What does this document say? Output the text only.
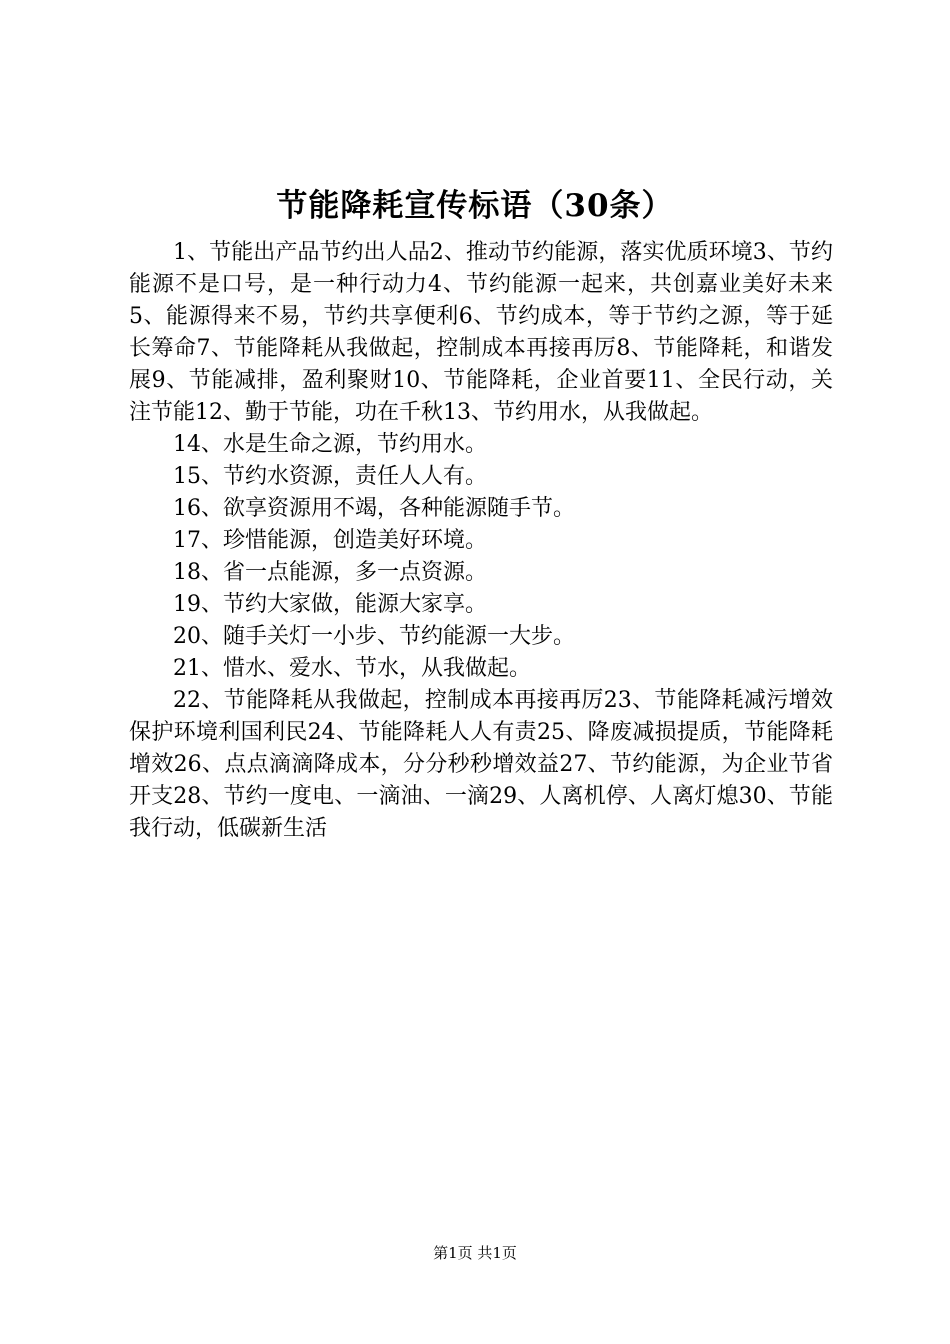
节能降耗宣传标语（30条）

1、节能出产品节约出人品2、推动节约能源，落实优质环境3、节约能源不是口号，是一种行动力4、节约能源一起来，共创嘉业美好未来5、能源得来不易，节约共享便利6、节约成本，等于节约之源，等于延长筹命7、节能降耗从我做起，控制成本再接再厉8、节能降耗，和谐发展9、节能减排，盈利聚财10、节能降耗，企业首要11、全民行动，关注节能12、勤于节能，功在千秋13、节约用水，从我做起。

14、水是生命之源，节约用水。

15、节约水资源，责任人人有。

16、欲享资源用不竭，各种能源随手节。

17、珍惜能源，创造美好环境。

18、省一点能源，多一点资源。

19、节约大家做，能源大家享。

20、随手关灯一小步、节约能源一大步。

21、惜水、爱水、节水，从我做起。

22、节能降耗从我做起，控制成本再接再厉23、节能降耗减污增效保护环境利国利民24、节能降耗人人有责25、降废减损提质，节能降耗增效26、点点滴滴降成本，分分秒秒增效益27、节约能源，为企业节省开支28、节约一度电、一滴油、一滴29、人离机停、人离灯熄30、节能我行动，低碳新生活

第1页 共1页
